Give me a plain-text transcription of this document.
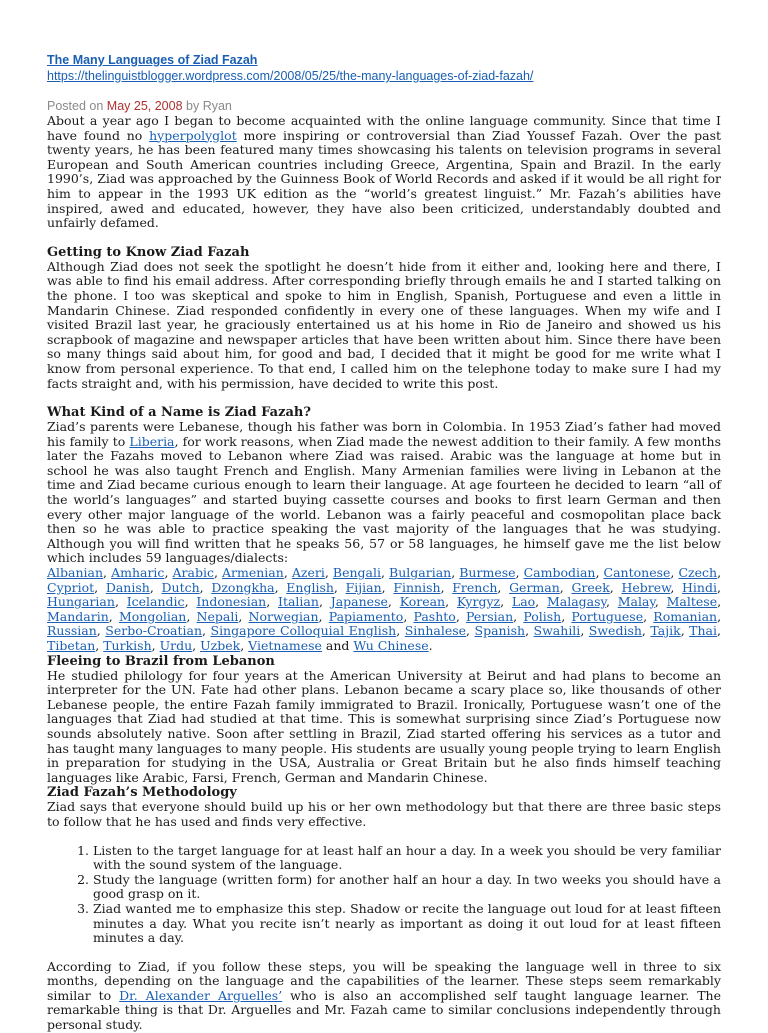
The Many Languages of Ziad Fazah
https://thelinguistblogger.wordpress.com/2008/05/25/the-many-languages-of-ziad-fazah/
Posted on May 25, 2008 by Ryan

About a year ago I began to become acquainted with the online language community. Since that time I have found no hyperpolyglot more inspiring or controversial than Ziad Youssef Fazah. Over the past twenty years, he has been featured many times showcasing his talents on television programs in several European and South American countries including Greece, Argentina, Spain and Brazil. In the early 1990’s, Ziad was approached by the Guinness Book of World Records and asked if it would be all right for him to appear in the 1993 UK edition as the “world’s greatest linguist.” Mr. Fazah’s abilities have inspired, awed and educated, however, they have also been criticized, understandably doubted and unfairly defamed.

Getting to Know Ziad Fazah

Although Ziad does not seek the spotlight he doesn’t hide from it either and, looking here and there, I was able to find his email address. After corresponding briefly through emails he and I started talking on the phone. I too was skeptical and spoke to him in English, Spanish, Portuguese and even a little in Mandarin Chinese. Ziad responded confidently in every one of these languages. When my wife and I visited Brazil last year, he graciously entertained us at his home in Rio de Janeiro and showed us his scrapbook of magazine and newspaper articles that have been written about him. Since there have been so many things said about him, for good and bad, I decided that it might be good for me write what I know from personal experience. To that end, I called him on the telephone today to make sure I had my facts straight and, with his permission, have decided to write this post.

What Kind of a Name is Ziad Fazah?

Ziad’s parents were Lebanese, though his father was born in Colombia. In 1953 Ziad’s father had moved his family to Liberia, for work reasons, when Ziad made the newest addition to their family. A few months later the Fazahs moved to Lebanon where Ziad was raised. Arabic was the language at home but in school he was also taught French and English. Many Armenian families were living in Lebanon at the time and Ziad became curious enough to learn their language. At age fourteen he decided to learn “all of the world’s languages” and started buying cassette courses and books to first learn German and then every other major language of the world. Lebanon was a fairly peaceful and cosmopolitan place back then so he was able to practice speaking the vast majority of the languages that he was studying. Although you will find written that he speaks 56, 57 or 58 languages, he himself gave me the list below which includes 59 languages/dialects:

Albanian, Amharic, Arabic, Armenian, Azeri, Bengali, Bulgarian, Burmese, Cambodian, Cantonese, Czech, Cypriot, Danish, Dutch, Dzongkha, English, Fijian, Finnish, French, German, Greek, Hebrew, Hindi, Hungarian, Icelandic, Indonesian, Italian, Japanese, Korean, Kyrgyz, Lao, Malagasy, Malay, Maltese, Mandarin, Mongolian, Nepali, Norwegian, Papiamento, Pashto, Persian, Polish, Portuguese, Romanian, Russian, Serbo-Croatian, Singapore Colloquial English, Sinhalese, Spanish, Swahili, Swedish, Tajik, Thai, Tibetan, Turkish, Urdu, Uzbek, Vietnamese and Wu Chinese.

Fleeing to Brazil from Lebanon

He studied philology for four years at the American University at Beirut and had plans to become an interpreter for the UN. Fate had other plans. Lebanon became a scary place so, like thousands of other Lebanese people, the entire Fazah family immigrated to Brazil. Ironically, Portuguese wasn’t one of the languages that Ziad had studied at that time. This is somewhat surprising since Ziad’s Portuguese now sounds absolutely native. Soon after settling in Brazil, Ziad started offering his services as a tutor and has taught many languages to many people. His students are usually young people trying to learn English in preparation for studying in the USA, Australia or Great Britain but he also finds himself teaching languages like Arabic, Farsi, French, German and Mandarin Chinese.

Ziad Fazah’s Methodology

Ziad says that everyone should build up his or her own methodology but that there are three basic steps to follow that he has used and finds very effective.

1. Listen to the target language for at least half an hour a day. In a week you should be very familiar with the sound system of the language.
2. Study the language (written form) for another half an hour a day. In two weeks you should have a good grasp on it.
3. Ziad wanted me to emphasize this step. Shadow or recite the language out loud for at least fifteen minutes a day. What you recite isn’t nearly as important as doing it out loud for at least fifteen minutes a day.

According to Ziad, if you follow these steps, you will be speaking the language well in three to six months, depending on the language and the capabilities of the learner. These steps seem remarkably similar to Dr. Alexander Arguelles’ who is also an accomplished self taught language learner. The remarkable thing is that Dr. Arguelles and Mr. Fazah came to similar conclusions independently through personal study.
